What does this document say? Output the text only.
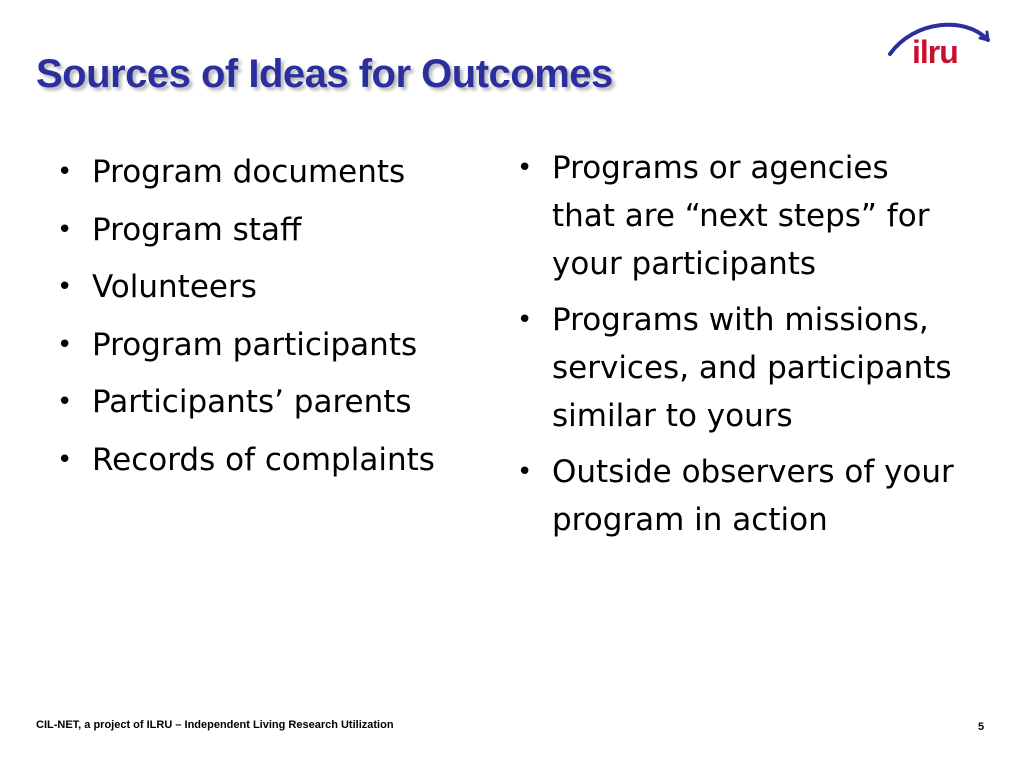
Sources of Ideas for Outcomes	ilru
• Program documents
• Program staff
• Volunteers
• Program participants
• Participants’ parents
• Records of complaints
• Programs or agencies
that are “next steps” for
your participants
• Programs with missions,
services, and participants
similar to yours
• Outside observers of your
program in action
CIL-NET, a project of ILRU – Independent Living Research Utilization	5
